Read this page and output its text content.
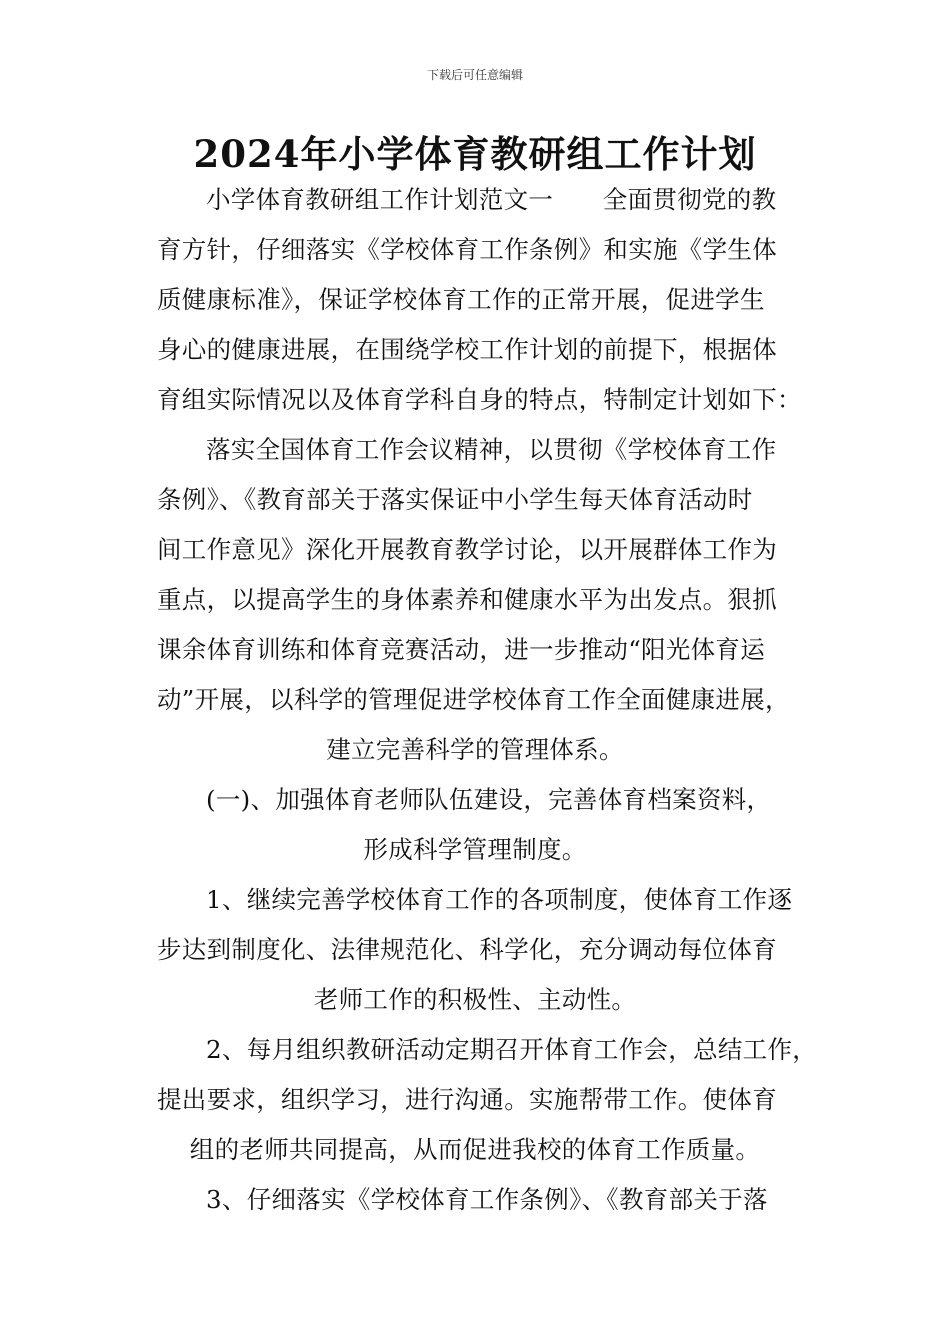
下载后可任意编辑
2024年小学体育教研组工作计划
小学体育教研组工作计划范文一　　全面贯彻党的教
育方针，仔细落实《学校体育工作条例》和实施《学生体
质健康标准》，保证学校体育工作的正常开展，促进学生
身心的健康进展，在围绕学校工作计划的前提下，根据体
育组实际情况以及体育学科自身的特点，特制定计划如下：
落实全国体育工作会议精神，以贯彻《学校体育工作
条例》、《教育部关于落实保证中小学生每天体育活动时
间工作意见》深化开展教育教学讨论，以开展群体工作为
重点，以提高学生的身体素养和健康水平为出发点。狠抓
课余体育训练和体育竞赛活动，进一步推动“阳光体育运
动”开展，以科学的管理促进学校体育工作全面健康进展，
建立完善科学的管理体系。
(一)、加强体育老师队伍建设，完善体育档案资料，
形成科学管理制度。
1、继续完善学校体育工作的各项制度，使体育工作逐
步达到制度化、法律规范化、科学化，充分调动每位体育
老师工作的积极性、主动性。
2、每月组织教研活动定期召开体育工作会，总结工作，
提出要求，组织学习，进行沟通。实施帮带工作。使体育
组的老师共同提高，从而促进我校的体育工作质量。
3、仔细落实《学校体育工作条例》、《教育部关于落
